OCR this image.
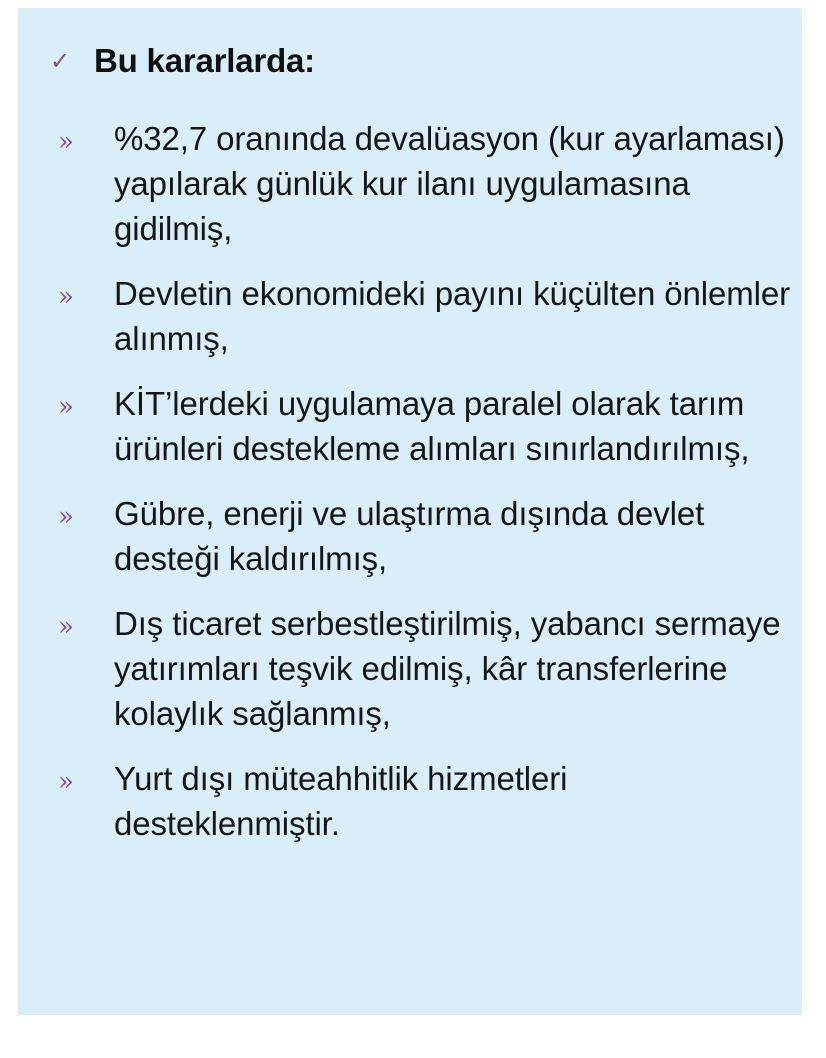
✓ Bu kararlarda:
»	%32,7 oranında devalüasyon (kur ayarlaması) yapılarak günlük kur ilanı uygulamasına gidilmiş,
»	Devletin ekonomideki payını küçülten önlemler alınmış,
»	KİT’lerdeki uygulamaya paralel olarak tarım ürünleri destekleme alımları sınırlandırılmış,
»	Gübre, enerji ve ulaştırma dışında devlet desteği kaldırılmış,
»	Dış ticaret serbestleştirilmiş, yabancı sermaye yatırımları teşvik edilmiş, kâr transferlerine kolaylık sağlanmış,
»	Yurt dışı müteahhitlik hizmetleri desteklenmiştir.
